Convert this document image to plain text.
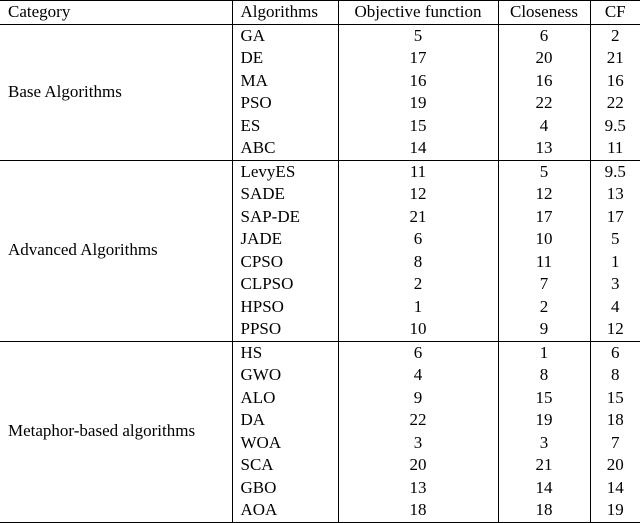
Category	Algorithms	Objective function	Closeness	CF
Base Algorithms	GA	5	6	2
	DE	17	20	21
	MA	16	16	16
	PSO	19	22	22
	ES	15	4	9.5
	ABC	14	13	11
Advanced Algorithms	LevyES	11	5	9.5
	SADE	12	12	13
	SAP-DE	21	17	17
	JADE	6	10	5
	CPSO	8	11	1
	CLPSO	2	7	3
	HPSO	1	2	4
	PPSO	10	9	12
Metaphor-based algorithms	HS	6	1	6
	GWO	4	8	8
	ALO	9	15	15
	DA	22	19	18
	WOA	3	3	7
	SCA	20	21	20
	GBO	13	14	14
	AOA	18	18	19
